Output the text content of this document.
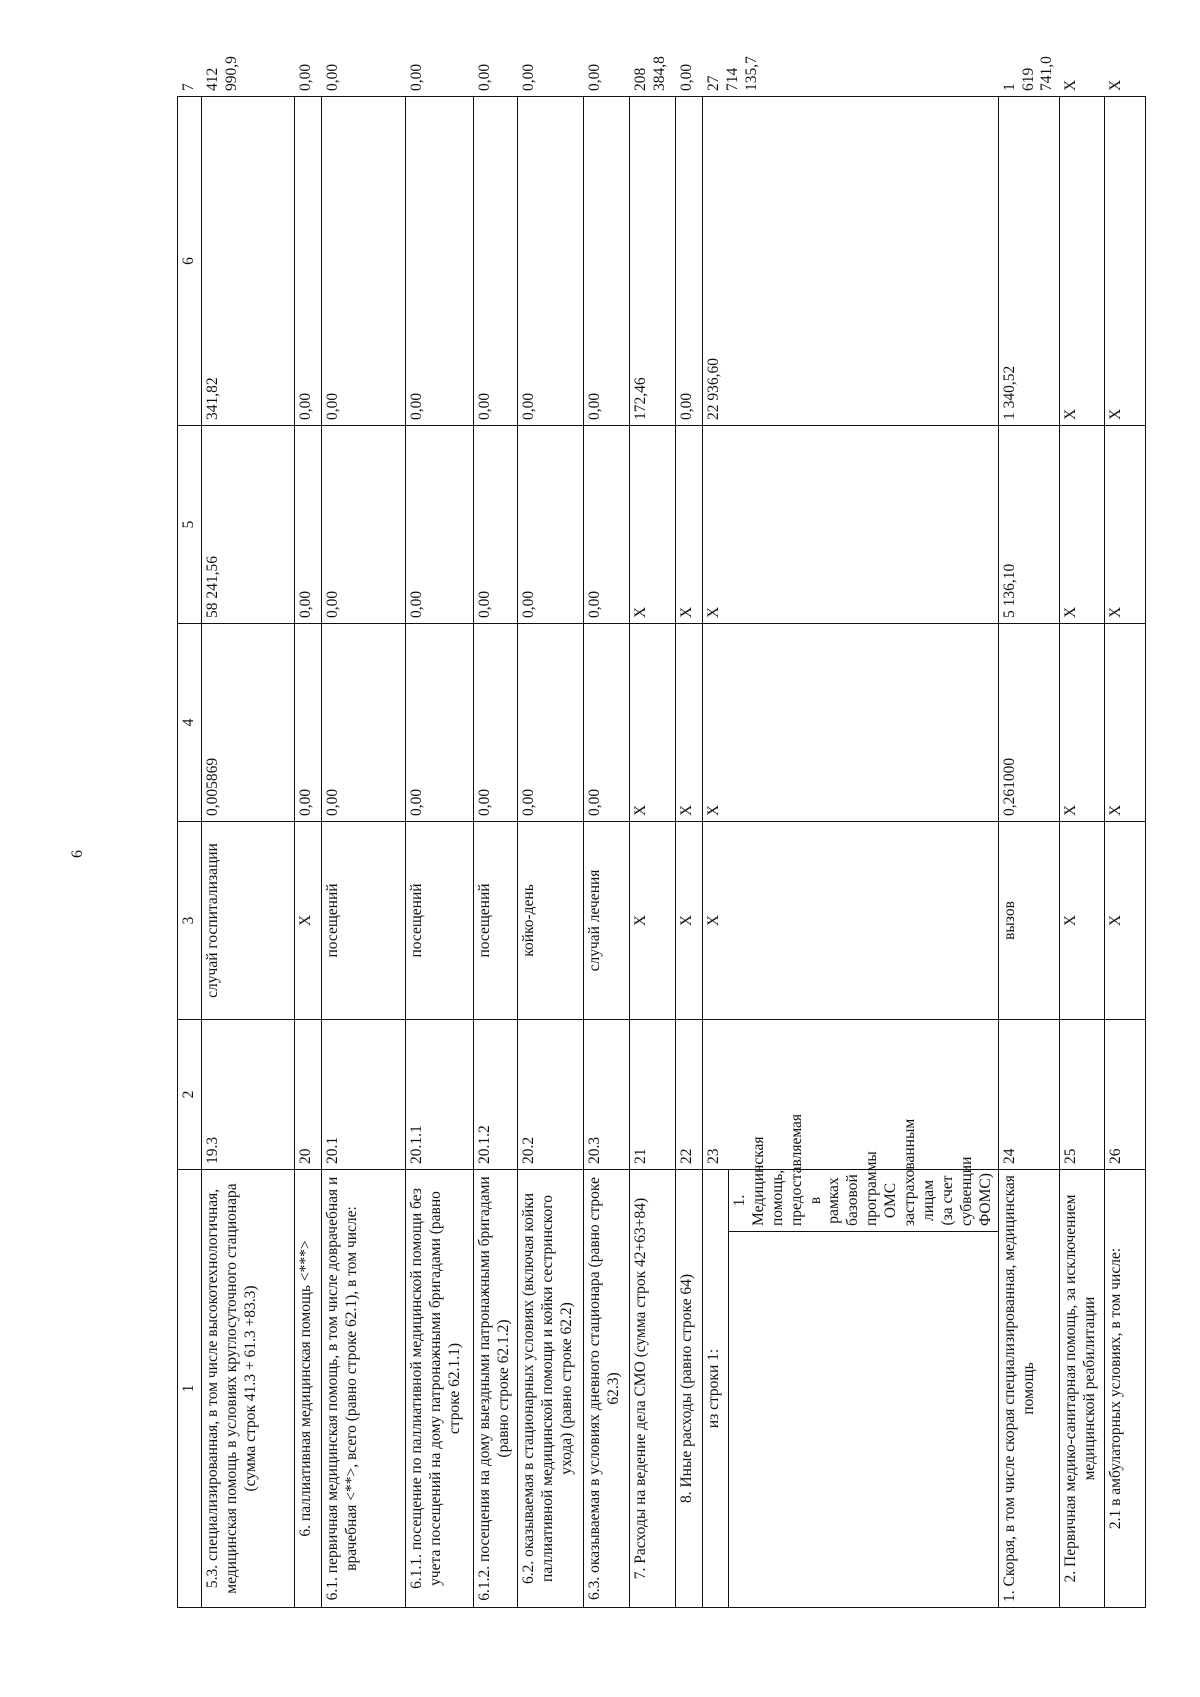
6
1		2	3	4	5	6	7
5.3. специализированная, в том числе высокотехнологичная, медицинская помощь в условиях круглосуточного стационара (сумма строк 41.3 + 61.3 +83.3)		19.3	случай госпитализации	0,005869	58 241,56	341,82	412 990,9
6. паллиативная медицинская помощь <***>		20	Х	0,00	0,00	0,00	0,00
6.1. первичная медицинская помощь, в том числе доврачебная и врачебная <**>, всего (равно строке 62.1), в том числе:		20.1	посещений	0,00	0,00	0,00	0,00
6.1.1. посещение по паллиативной медицинской помощи без учета посещений на дому патронажными бригадами (равно строке 62.1.1)		20.1.1	посещений	0,00	0,00	0,00	0,00
6.1.2. посещения на дому выездными патронажными бригадами (равно строке 62.1.2)		20.1.2	посещений	0,00	0,00	0,00	0,00
6.2. оказываемая в стационарных условиях (включая койки паллиативной медицинской помощи и койки сестринского ухода) (равно строке 62.2)		20.2	койко-день	0,00	0,00	0,00	0,00
6.3. оказываемая в условиях дневного стационара (равно строке 62.3)		20.3	случай лечения	0,00	0,00	0,00	0,00
7. Расходы на ведение дела СМО (сумма строк 42+63+84)		21	Х	Х	Х	172,46	208 384,8
8. Иные расходы (равно строке 64)		22	Х	Х	Х	0,00	0,00
из строки 1:		23	Х	Х	Х	22 936,60	27 714 135,7
	1. Медицинская помощь, предоставляемая в рамках базовой программы ОМС застрахованным лицам (за счет субвенции ФОМС)						
1. Скорая, в том числе скорая специализированная, медицинская помощь		24	вызов	0,261000	5 136,10	1 340,52	1 619 741,0
2. Первичная медико-санитарная помощь, за исключением медицинской реабилитации		25	Х	Х	Х	Х	Х
2.1 в амбулаторных условиях, в том числе:		26	Х	Х	Х	Х	Х
